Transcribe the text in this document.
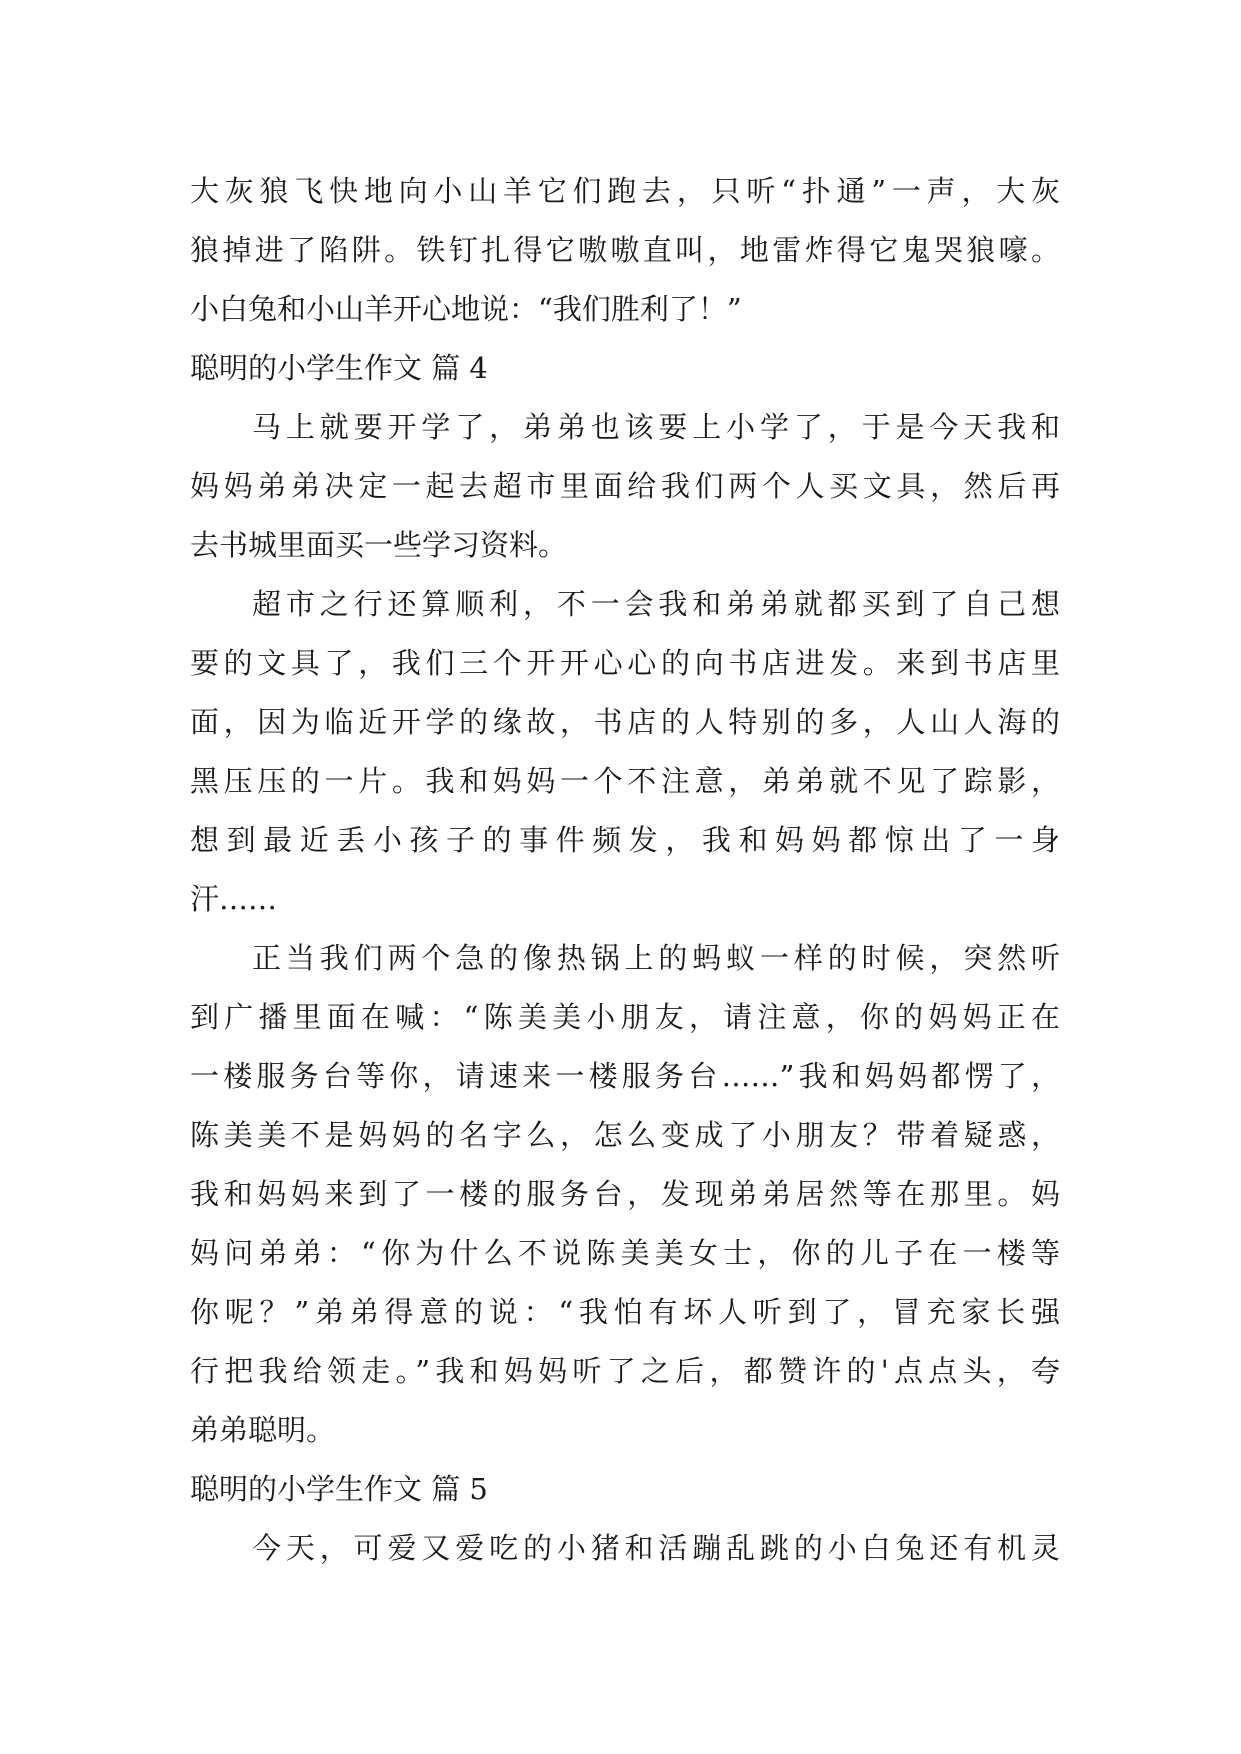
大灰狼飞快地向小山羊它们跑去，只听“扑通”一声，大灰
狼掉进了陷阱。铁钉扎得它嗷嗷直叫，地雷炸得它鬼哭狼嚎。
小白兔和小山羊开心地说：“我们胜利了！”
聪明的小学生作文 篇 4
马上就要开学了，弟弟也该要上小学了，于是今天我和
妈妈弟弟决定一起去超市里面给我们两个人买文具，然后再
去书城里面买一些学习资料。
超市之行还算顺利，不一会我和弟弟就都买到了自己想
要的文具了，我们三个开开心心的向书店进发。来到书店里
面，因为临近开学的缘故，书店的人特别的多，人山人海的
黑压压的一片。我和妈妈一个不注意，弟弟就不见了踪影，
想到最近丢小孩子的事件频发，我和妈妈都惊出了一身
汗……
正当我们两个急的像热锅上的蚂蚁一样的时候，突然听
到广播里面在喊：“陈美美小朋友，请注意，你的妈妈正在
一楼服务台等你，请速来一楼服务台……”我和妈妈都愣了，
陈美美不是妈妈的名字么，怎么变成了小朋友？带着疑惑，
我和妈妈来到了一楼的服务台，发现弟弟居然等在那里。妈
妈问弟弟：“你为什么不说陈美美女士，你的儿子在一楼等
你呢？”弟弟得意的说：“我怕有坏人听到了，冒充家长强
行把我给领走。”我和妈妈听了之后，都赞许的'点点头，夸
弟弟聪明。
聪明的小学生作文 篇 5
今天，可爱又爱吃的小猪和活蹦乱跳的小白兔还有机灵
